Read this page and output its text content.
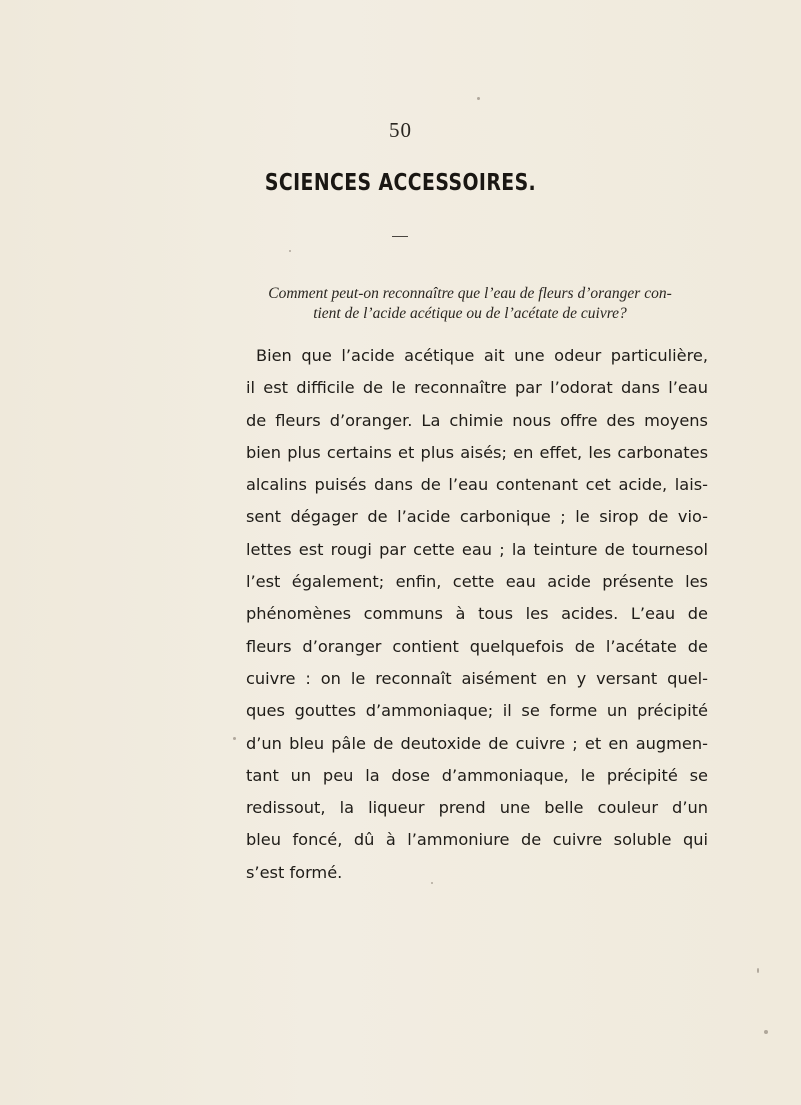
50
SCIENCES ACCESSOIRES.
Comment peut-on reconnaître que l’eau de fleurs d’oranger con-
tient de l’acide acétique ou de l’acétate de cuivre?
Bien que l’acide acétique ait une odeur particulière,
il est difficile de le reconnaître par l’odorat dans l’eau
de fleurs d’oranger. La chimie nous offre des moyens
bien plus certains et plus aisés; en effet, les carbonates
alcalins puisés dans de l’eau contenant cet acide, lais-
sent dégager de l’acide carbonique ; le sirop de vio-
lettes est rougi par cette eau ; la teinture de tournesol
l’est également; enfin, cette eau acide présente les
phénomènes communs à tous les acides. L’eau de
fleurs d’oranger contient quelquefois de l’acétate de
cuivre : on le reconnaît aisément en y versant quel-
ques gouttes d’ammoniaque; il se forme un précipité
d’un bleu pâle de deutoxide de cuivre ; et en augmen-
tant un peu la dose d’ammoniaque, le précipité se
redissout, la liqueur prend une belle couleur d’un
bleu foncé, dû à l’ammoniure de cuivre soluble qui
s’est formé.
